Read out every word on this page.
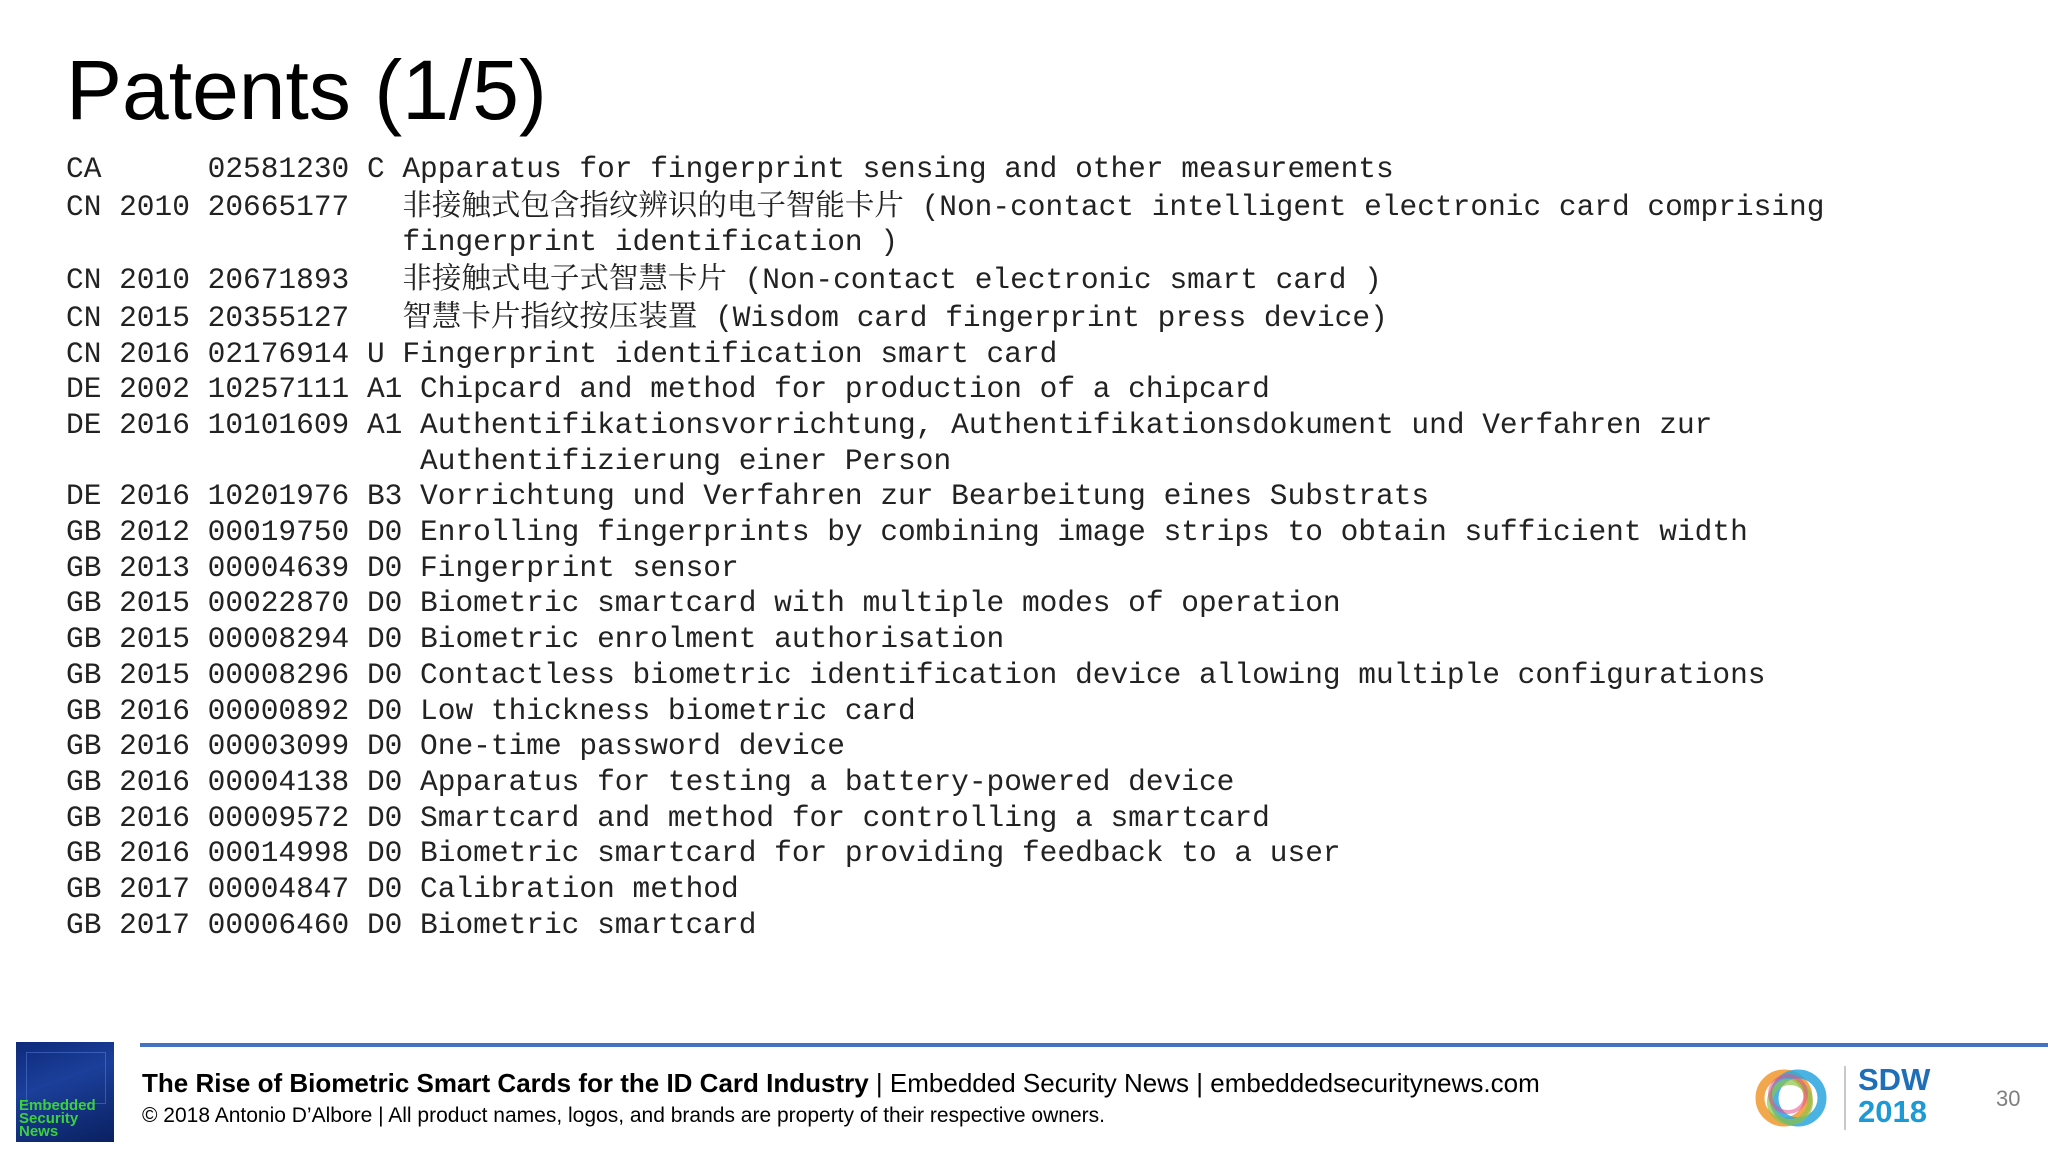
Patents (1/5)
CA      02581230 C Apparatus for fingerprint sensing and other measurements
CN 2010 20665177   非接触式包含指纹辨识的电子智能卡片 (Non-contact intelligent electronic card comprising
fingerprint identification )
CN 2010 20671893   非接触式电子式智慧卡片 (Non-contact electronic smart card )
CN 2015 20355127   智慧卡片指纹按压装置 (Wisdom card fingerprint press device)
CN 2016 02176914 U Fingerprint identification smart card
DE 2002 10257111 A1 Chipcard and method for production of a chipcard
DE 2016 10101609 A1 Authentifikationsvorrichtung, Authentifikationsdokument und Verfahren zur
Authentifizierung einer Person
DE 2016 10201976 B3 Vorrichtung und Verfahren zur Bearbeitung eines Substrats
GB 2012 00019750 D0 Enrolling fingerprints by combining image strips to obtain sufficient width
GB 2013 00004639 D0 Fingerprint sensor
GB 2015 00022870 D0 Biometric smartcard with multiple modes of operation
GB 2015 00008294 D0 Biometric enrolment authorisation
GB 2015 00008296 D0 Contactless biometric identification device allowing multiple configurations
GB 2016 00000892 D0 Low thickness biometric card
GB 2016 00003099 D0 One-time password device
GB 2016 00004138 D0 Apparatus for testing a battery-powered device
GB 2016 00009572 D0 Smartcard and method for controlling a smartcard
GB 2016 00014998 D0 Biometric smartcard for providing feedback to a user
GB 2017 00004847 D0 Calibration method
GB 2017 00006460 D0 Biometric smartcard
Embedded Security News
The Rise of Biometric Smart Cards for the ID Card Industry | Embedded Security News | embeddedsecuritynews.com
© 2018 Antonio D’Albore | All product names, logos, and brands are property of their respective owners.
SDW
2018	30
